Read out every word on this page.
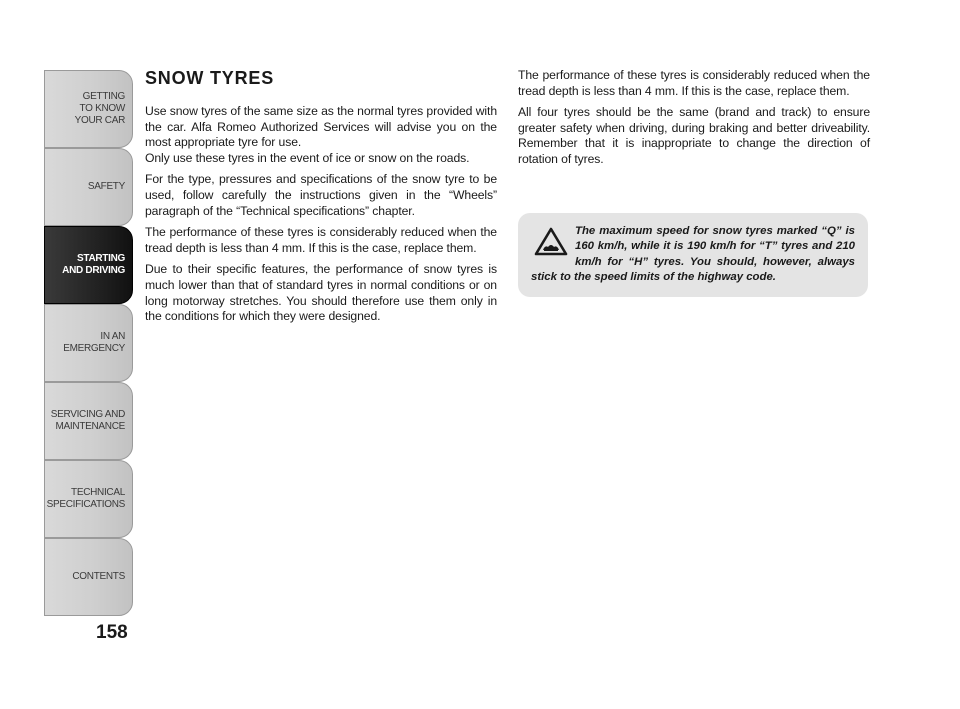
GETTING
TO KNOW
YOUR CAR
SAFETY
STARTING
AND DRIVING
IN AN
EMERGENCY
SERVICING AND
MAINTENANCE
TECHNICAL
SPECIFICATIONS
CONTENTS
158
SNOW TYRES

Use snow tyres of the same size as the normal tyres provided with the car. Alfa Romeo Authorized Services will advise you on the most appropriate tyre for use.

Only use these tyres in the event of ice or snow on the roads.

For the type, pressures and specifications of the snow tyre to be used, follow carefully the instructions given in the “Wheels” paragraph of the “Technical specifications” chapter.

The performance of these tyres is considerably reduced when the tread depth is less than 4 mm. If this is the case, replace them.

Due to their specific features, the performance of snow tyres is much lower than that of standard tyres in normal conditions or on long motorway stretches. You should therefore use them only in the conditions for which they were designed.

The performance of these tyres is considerably reduced when the tread depth is less than 4 mm. If this is the case, replace them.

All four tyres should be the same (brand and track) to ensure greater safety when driving, during braking and better driveability. Remember that it is inappropriate to change the direction of rotation of tyres.

The maximum speed for snow tyres marked “Q” is 160 km/h, while it is 190 km/h for “T” tyres and 210 km/h for “H” tyres. You should, however, always stick to the speed limits of the highway code.
